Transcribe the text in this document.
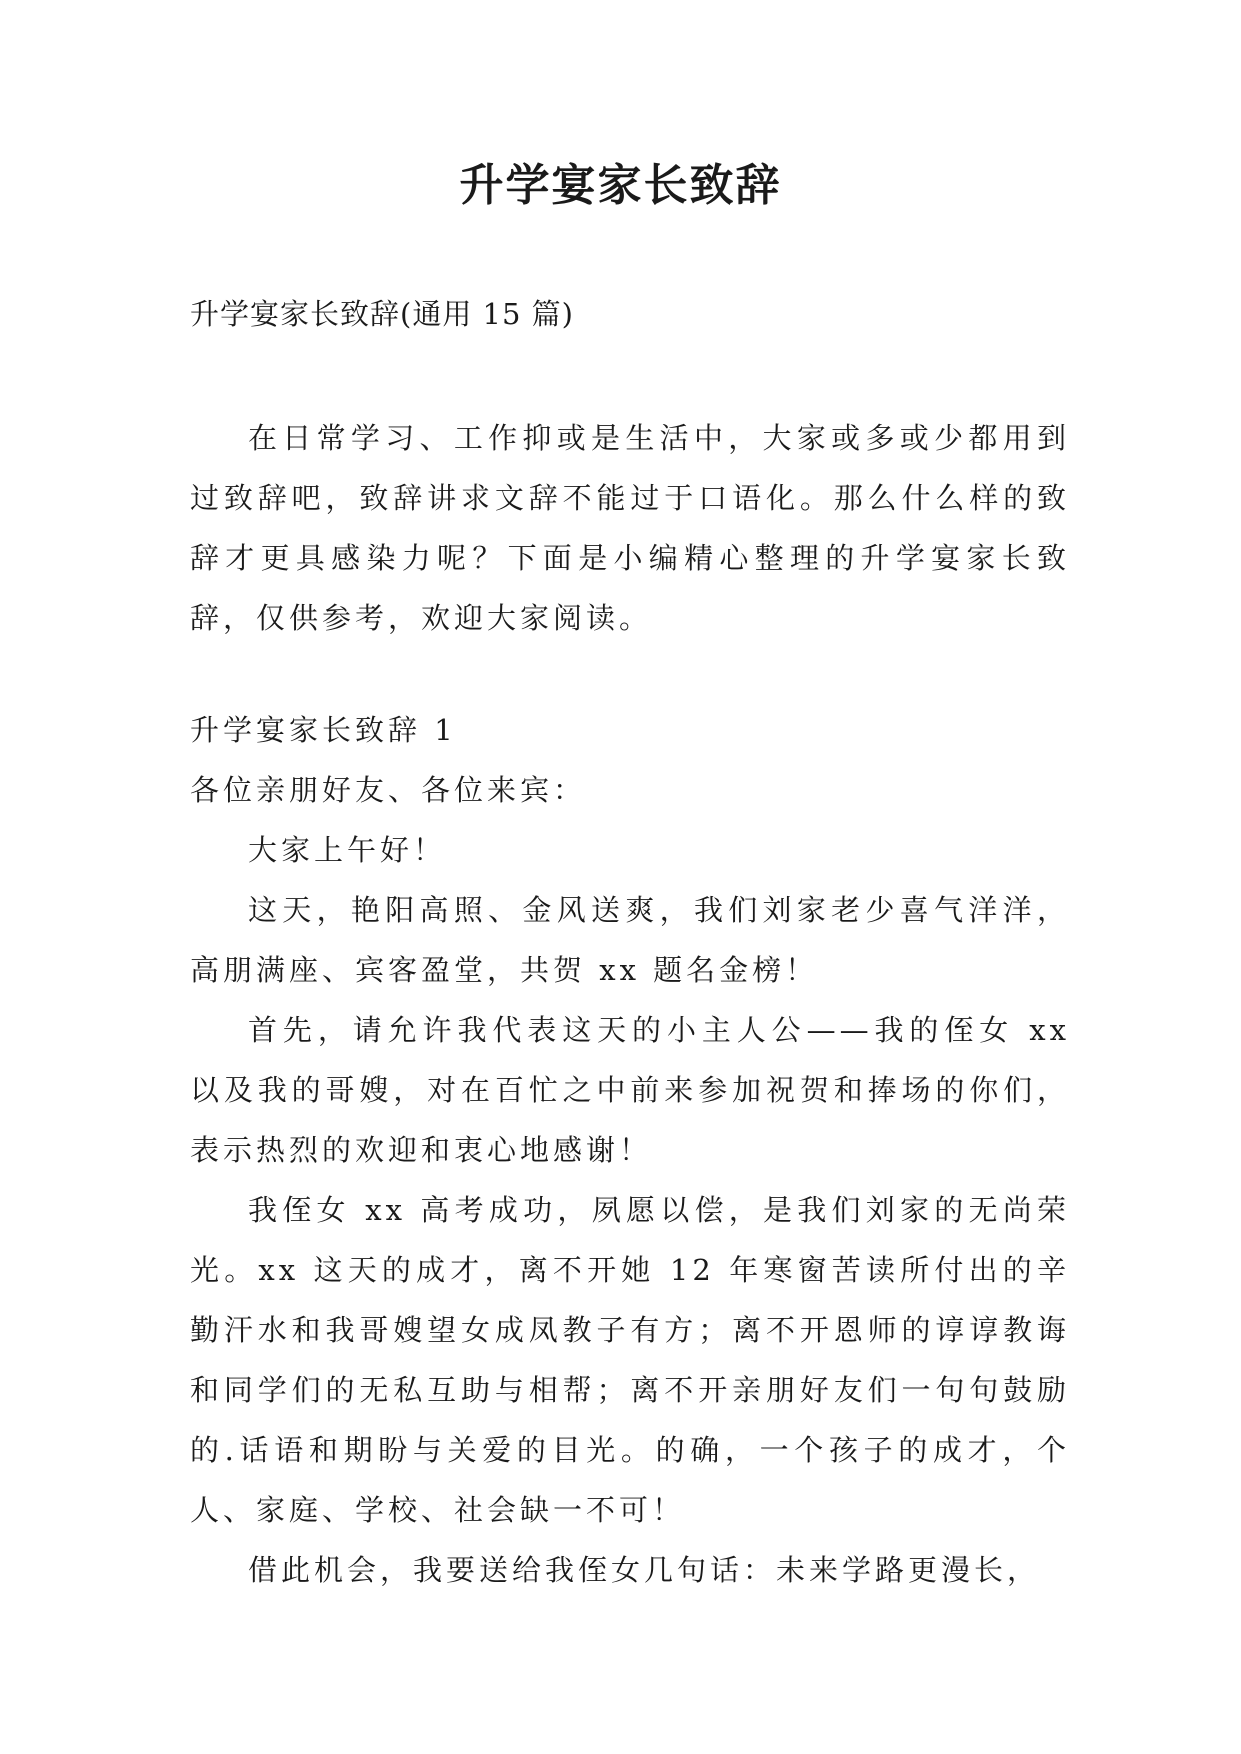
升学宴家长致辞
升学宴家长致辞(通用 15 篇)

在日常学习、工作抑或是生活中，大家或多或少都用到过致辞吧，致辞讲求文辞不能过于口语化。那么什么样的致辞才更具感染力呢？下面是小编精心整理的升学宴家长致辞，仅供参考，欢迎大家阅读。

升学宴家长致辞 1

各位亲朋好友、各位来宾：

大家上午好！

这天，艳阳高照、金风送爽，我们刘家老少喜气洋洋，高朋满座、宾客盈堂，共贺 xx 题名金榜！

首先，请允许我代表这天的小主人公——我的侄女 xx 以及我的哥嫂，对在百忙之中前来参加祝贺和捧场的你们，表示热烈的欢迎和衷心地感谢！

我侄女 xx 高考成功，夙愿以偿，是我们刘家的无尚荣光。xx 这天的成才，离不开她 12 年寒窗苦读所付出的辛勤汗水和我哥嫂望女成凤教子有方；离不开恩师的谆谆教诲和同学们的无私互助与相帮；离不开亲朋好友们一句句鼓励的.话语和期盼与关爱的目光。的确，一个孩子的成才，个人、家庭、学校、社会缺一不可！

借此机会，我要送给我侄女几句话：未来学路更漫长，
